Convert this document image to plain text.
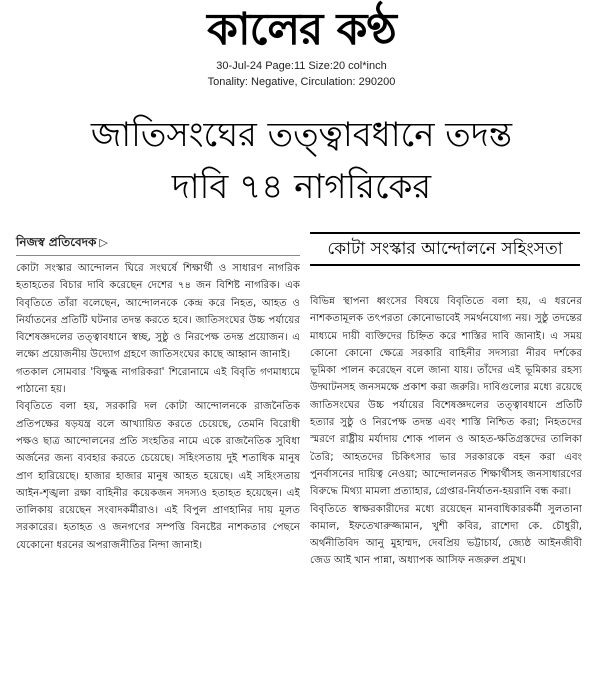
কালের কণ্ঠ
30-Jul-24 Page:11 Size:20 col*inch
Tonality: Negative, Circulation: 290200
জাতিসংঘের তত্ত্বাবধানে তদন্ত
দাবি ৭৪ নাগরিকের
নিজস্ব প্রতিবেদক ▷	কোটা সংস্কার আন্দোলনে সহিংসতা

কোটা সংস্কার আন্দোলন ঘিরে সংঘর্ষে শিক্ষার্থী ও সাধারণ নাগরিক হতাহতের বিচার দাবি করেছেন দেশের ৭৪ জন বিশিষ্ট নাগরিক। এক বিবৃতিতে তাঁরা বলেছেন, আন্দোলনকে কেন্দ্র করে নিহত, আহত ও নির্যাতনের প্রতিটি ঘটনার তদন্ত করতে হবে। জাতিসংঘের উচ্চ পর্যায়ের বিশেষজ্ঞদলের তত্ত্বাবধানে স্বচ্ছ, সুষ্ঠু ও নিরপেক্ষ তদন্ত প্রয়োজন। এ লক্ষ্যে প্রয়োজনীয় উদ্যোগ গ্রহণে জাতিসংঘের কাছে আহ্বান জানাই।

গতকাল সোমবার 'বিক্ষুব্ধ নাগরিকরা' শিরোনামে এই বিবৃতি গণমাধ্যমে পাঠানো হয়।

বিবৃতিতে বলা হয়, সরকারি দল কোটা আন্দোলনকে রাজনৈতিক প্রতিপক্ষের ষড়যন্ত্র বলে আখ্যায়িত করতে চেয়েছে, তেমনি বিরোধী পক্ষও ছাত্র আন্দোলনের প্রতি সংহতির নামে একে রাজনৈতিক সুবিধা অর্জনের জন্য ব্যবহার করতে চেয়েছে। সহিংসতায় দুই শতাধিক মানুষ প্রাণ হারিয়েছে। হাজার হাজার মানুষ আহত হয়েছে। এই সহিংসতায় আইন-শৃঙ্খলা রক্ষা বাহিনীর কয়েকজন সদস্যও হতাহত হয়েছেন। এই তালিকায় রয়েছেন সংবাদকর্মীরাও। এই বিপুল প্রাণহানির দায় মূলত সরকারের। হতাহত ও জনগণের সম্পত্তি বিনষ্টের নাশকতার পেছনে যেকোনো ধরনের অপরাজনীতির নিন্দা জানাই।

বিভিন্ন স্থাপনা ধ্বংসের বিষয়ে বিবৃতিতে বলা হয়, এ ধরনের নাশকতামূলক তৎপরতা কোনোভাবেই সমর্থনযোগ্য নয়। সুষ্ঠু তদন্তের মাধ্যমে দায়ী ব্যক্তিদের চিহ্নিত করে শাস্তির দাবি জানাই। এ সময় কোনো কোনো ক্ষেত্রে সরকারি বাহিনীর সদস্যরা নীরব দর্শকের ভূমিকা পালন করেছেন বলে জানা যায়। তাঁদের এই ভূমিকার রহস্য উদ্ঘাটনসহ জনসমক্ষে প্রকাশ করা জরুরি। দাবিগুলোর মধ্যে রয়েছে জাতিসংঘের উচ্চ পর্যায়ের বিশেষজ্ঞদলের তত্ত্বাবধানে প্রতিটি হত্যার সুষ্ঠু ও নিরপেক্ষ তদন্ত এবং শাস্তি নিশ্চিত করা; নিহতদের স্মরণে রাষ্ট্রীয় মর্যাদায় শোক পালন ও আহত-ক্ষতিগ্রস্তদের তালিকা তৈরি; আহতদের চিকিৎসার ভার সরকারকে বহন করা এবং পুনর্বাসনের দায়িত্ব নেওয়া; আন্দোলনরত শিক্ষার্থীসহ জনসাধারণের বিরুদ্ধে মিথ্যা মামলা প্রত্যাহার, গ্রেপ্তার-নির্যাতন-হয়রানি বন্ধ করা।

বিবৃতিতে স্বাক্ষরকারীদের মধ্যে রয়েছেন মানবাধিকারকর্মী সুলতানা কামাল, ইফতেখারুজ্জামান, খুশী কবির, রাশেদা কে. চৌধুরী, অর্থনীতিবিদ আনু মুহাম্মদ, দেবপ্রিয় ভট্টাচার্য, জ্যেষ্ঠ আইনজীবী জেড আই খান পান্না, অধ্যাপক আসিফ নজরুল প্রমুখ।
